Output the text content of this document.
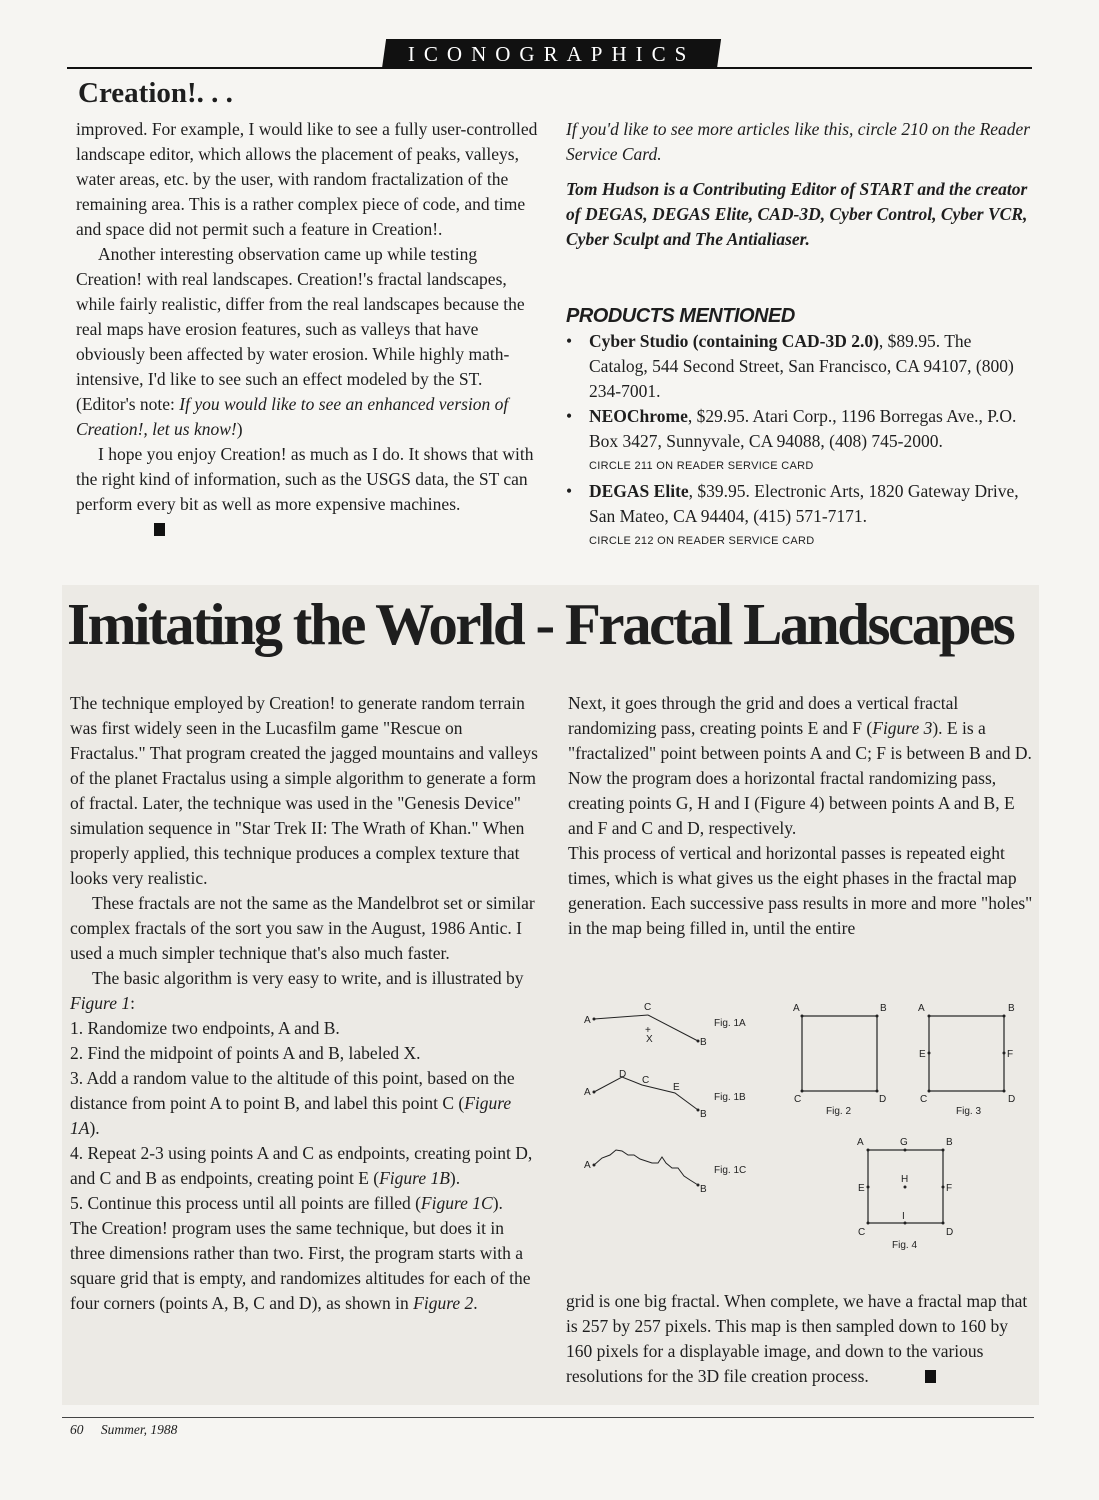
ICONOGRAPHICS
Creation!. . .

improved. For example, I would like to see a fully user-controlled landscape editor, which allows the placement of peaks, valleys, water areas, etc. by the user, with random fractalization of the remaining area. This is a rather complex piece of code, and time and space did not permit such a feature in Creation!.

Another interesting observation came up while testing Creation! with real landscapes. Creation!'s fractal landscapes, while fairly realistic, differ from the real landscapes because the real maps have erosion features, such as valleys that have obviously been affected by water erosion. While highly math-intensive, I'd like to see such an effect modeled by the ST. (Editor's note: If you would like to see an enhanced version of Creation!, let us know!)

I hope you enjoy Creation! as much as I do. It shows that with the right kind of information, such as the USGS data, the ST can perform every bit as well as more expensive machines.

If you'd like to see more articles like this, circle 210 on the Reader Service Card.

Tom Hudson is a Contributing Editor of START and the creator of DEGAS, DEGAS Elite, CAD-3D, Cyber Control, Cyber VCR, Cyber Sculpt and The Antialiaser.

PRODUCTS MENTIONED

• Cyber Studio (containing CAD-3D 2.0), $89.95. The Catalog, 544 Second Street, San Francisco, CA 94107, (800) 234-7001.
• NEOChrome, $29.95. Atari Corp., 1196 Borregas Ave., P.O. Box 3427, Sunnyvale, CA 94088, (408) 745-2000.
CIRCLE 211 ON READER SERVICE CARD
• DEGAS Elite, $39.95. Electronic Arts, 1820 Gateway Drive, San Mateo, CA 94404, (415) 571-7171.
CIRCLE 212 ON READER SERVICE CARD
Imitating the World - Fractal Landscapes

The technique employed by Creation! to generate random terrain was first widely seen in the Lucasfilm game "Rescue on Fractalus." That program created the jagged mountains and valleys of the planet Fractalus using a simple algorithm to generate a form of fractal. Later, the technique was used in the "Genesis Device" simulation sequence in "Star Trek II: The Wrath of Khan." When properly applied, this technique produces a complex texture that looks very realistic.

These fractals are not the same as the Mandelbrot set or similar complex fractals of the sort you saw in the August, 1986 Antic. I used a much simpler technique that's also much faster.

The basic algorithm is very easy to write, and is illustrated by Figure 1:

1. Randomize two endpoints, A and B.

2. Find the midpoint of points A and B, labeled X.

3. Add a random value to the altitude of this point, based on the distance from point A to point B, and label this point C (Figure 1A).

4. Repeat 2-3 using points A and C as endpoints, creating point D, and C and B as endpoints, creating point E (Figure 1B).

5. Continue this process until all points are filled (Figure 1C).

The Creation! program uses the same technique, but does it in three dimensions rather than two. First, the program starts with a square grid that is empty, and randomizes altitudes for each of the four corners (points A, B, C and D), as shown in Figure 2.

Next, it goes through the grid and does a vertical fractal randomizing pass, creating points E and F (Figure 3). E is a "fractalized" point between points A and C; F is between B and D. Now the program does a horizontal fractal randomizing pass, creating points G, H and I (Figure 4) between points A and B, E and F and C and D, respectively.

This process of vertical and horizontal passes is repeated eight times, which is what gives us the eight phases in the fractal map generation. Each successive pass results in more and more "holes" in the map being filled in, until the entire

grid is one big fractal. When complete, we have a fractal map that is 257 by 257 pixels. This map is then sampled down to 160 by 160 pixels for a displayable image, and down to the various resolutions for the 3D file creation process.

A
C
+
X	B
Fig. 1A
A
D
C
E
B
Fig. 1B
A
B
Fig. 1C
A	B
C	D
Fig. 2
A	B
E	F
C	D
Fig. 3
A	G	B
E
H
F
I
C	D
Fig. 4
60 Summer, 1988
